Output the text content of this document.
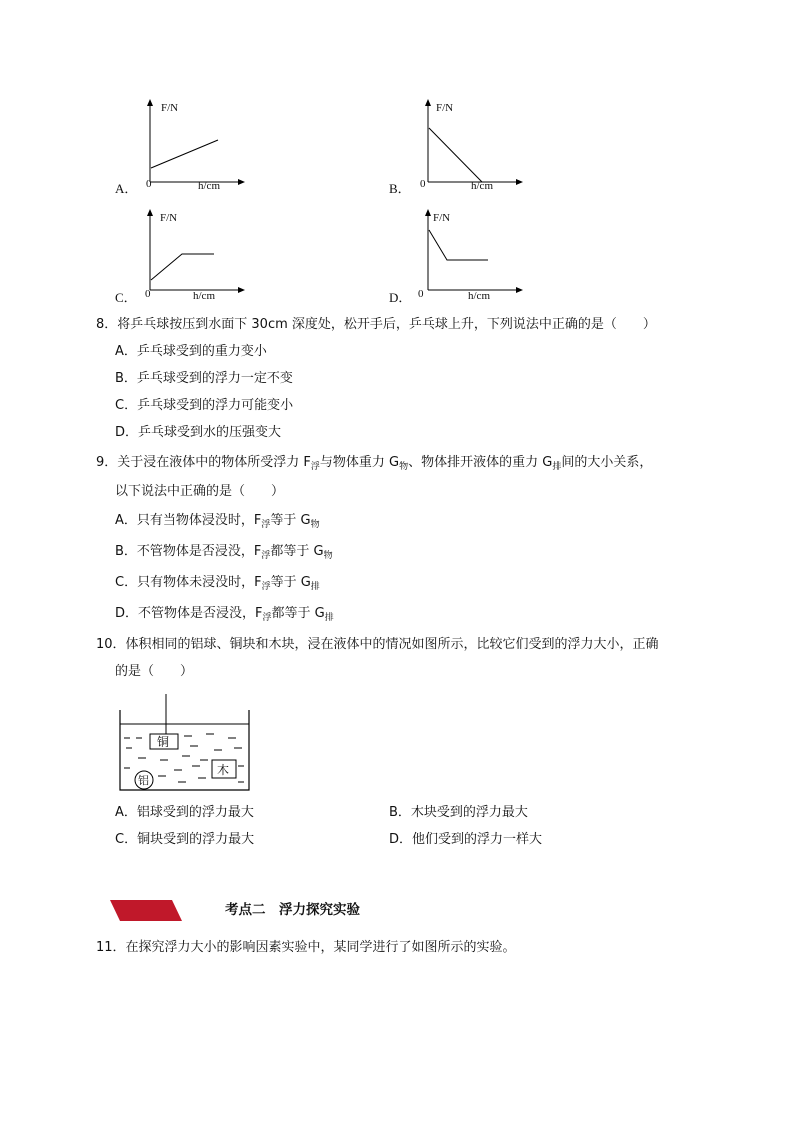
A．
F/N
0	h/cm	B．
F/N
0	h/cm
C．
F/N
0	h/cm	D．
F/N
0	h/cm
8．将乒乓球按压到水面下 30cm 深度处，松开手后，乒乓球上升，下列说法中正确的是（　　）
A．乒乓球受到的重力变小
B．乒乓球受到的浮力一定不变
C．乒乓球受到的浮力可能变小
D．乒乓球受到水的压强变大
9．关于浸在液体中的物体所受浮力 $F_浮$与物体重力 $G_物$、物体排开液体的重力 $G_排$间的大小关系，
以下说法中正确的是（　　）
A．只有当物体浸没时，$F_浮$等于 $G_物$
B．不管物体是否浸没，$F_浮$都等于 $G_物$
C．只有物体未浸没时，$F_浮$等于 $G_排$
D．不管物体是否浸没，$F_浮$都等于 $G_排$
10．体积相同的铝球、铜块和木块，浸在液体中的情况如图所示，比较它们受到的浮力大小，正确
的是（　　）
铜
木
铝
A．铝球受到的浮力最大	B．木块受到的浮力最大
C．铜块受到的浮力最大	D．他们受到的浮力一样大
考点二　浮力探究实验
11．在探究浮力大小的影响因素实验中，某同学进行了如图所示的实验。
